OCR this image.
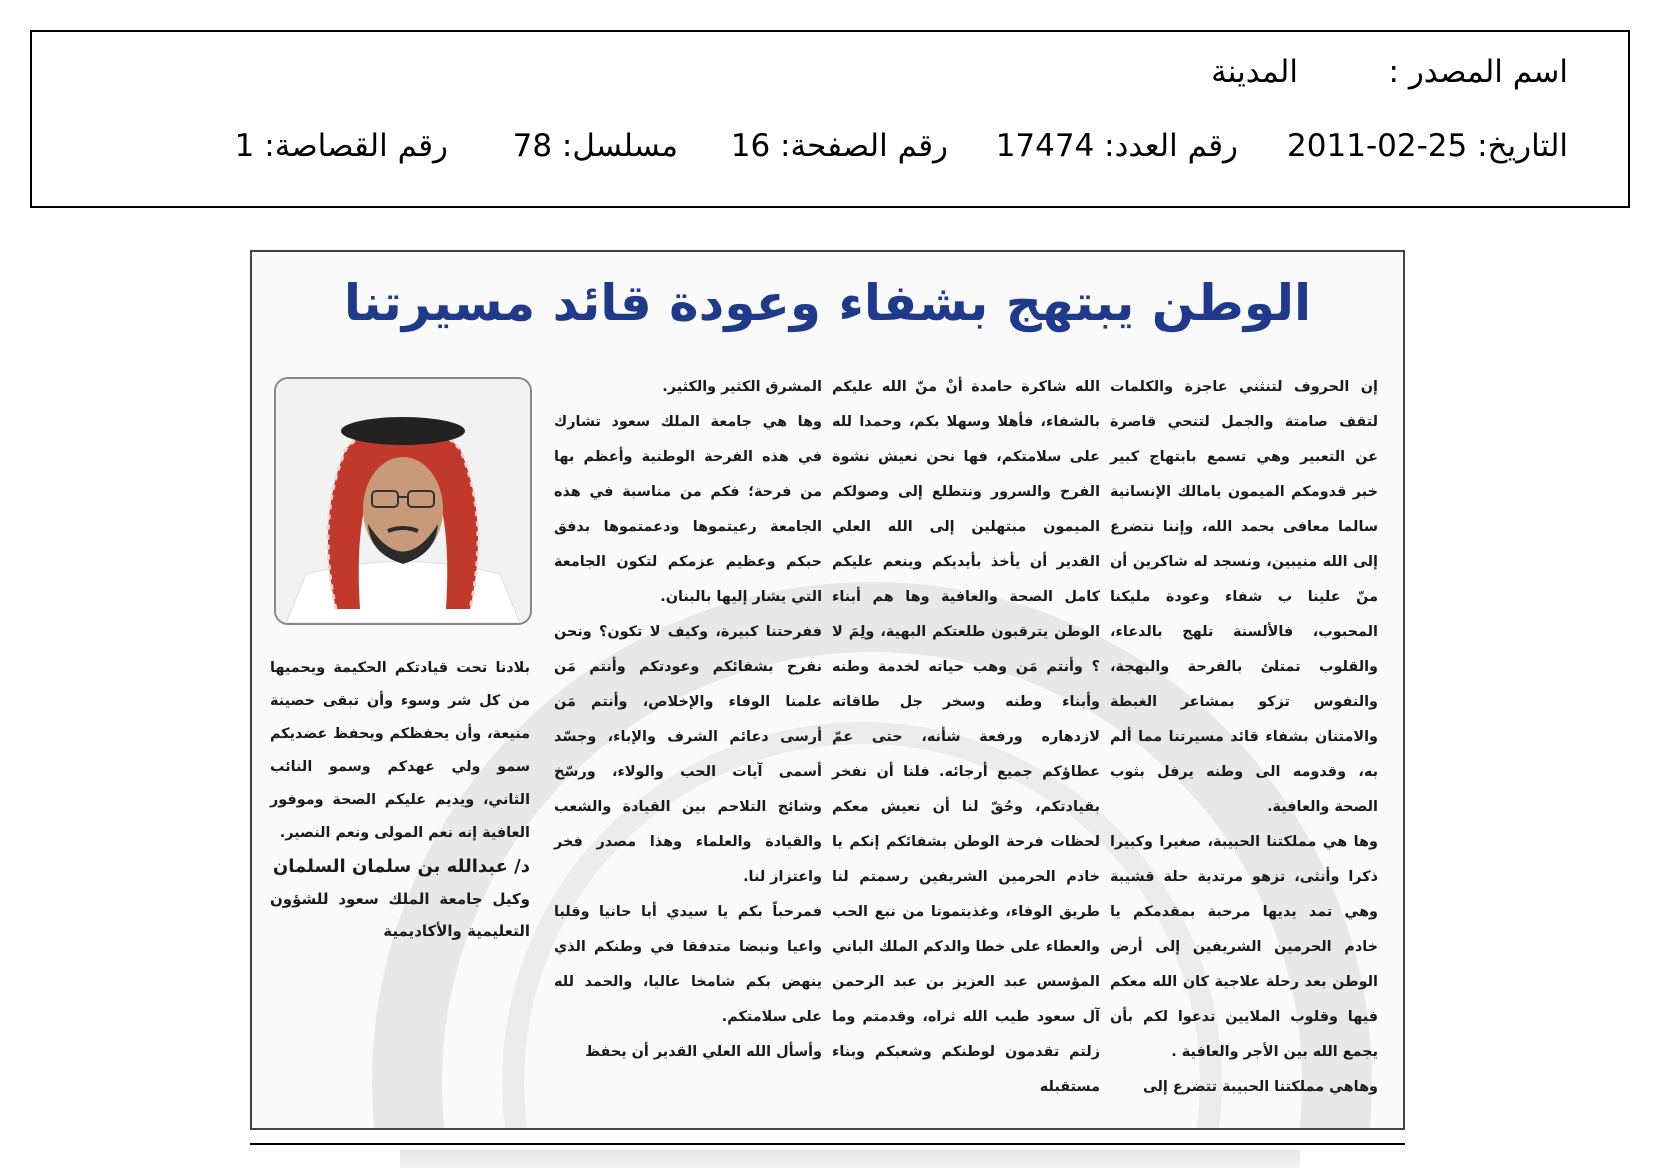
اسم المصدر :
المدينة
التاريخ: 25-02-2011
رقم العدد: 17474
رقم الصفحة: 16
مسلسل: 78
رقم القصاصة: 1
الوطن يبتهج بشفاء وعودة قائد مسيرتنا

إن الحروف لتنثني عاجزة والكلمات لتقف صامتة والجمل لتنحي قاصرة عن التعبير وهي تسمع بابتهاج كبير خبر قدومكم الميمون يامالك الإنسانية سالما معافى بحمد الله، وإننا نتضرع إلى الله منيبين، ونسجد له شاكرين أن منّ علينا ب شفاء وعودة مليكنا المحبوب، فالألسنة تلهج بالدعاء، والقلوب تمتلئ بالفرحة والبهجة، والنفوس تزكو بمشاعر الغبطة والامتنان بشفاء قائد مسيرتنا مما ألم به، وقدومه الى وطنه يرفل بثوب الصحة والعافية.

وها هي مملكتنا الحبيبة، صغيرا وكبيرا ذكرا وأنثى، تزهو مرتدية حلة قشيبة وهي تمد يديها مرحبة بمقدمكم يا خادم الحرمين الشريفين إلى أرض الوطن بعد رحلة علاجية كان الله معكم فيها وقلوب الملايين تدعوا لكم بأن يجمع الله بين الأجر والعافية .

وهاهي مملكتنا الحبيبة تتضرع إلى

الله شاكرة حامدة أنْ منّ الله عليكم بالشفاء، فأهلا وسهلا بكم، وحمدا لله على سلامتكم، فها نحن نعيش نشوة الفرح والسرور ونتطلع إلى وصولكم الميمون مبتهلين إلى الله العلي القدير أن يأخذ بأيديكم وينعم عليكم كامل الصحة والعافية وها هم أبناء الوطن يترقبون طلعتكم البهية، ولِمَ لا ؟ وأنتم مَن وهب حياته لخدمة وطنه وأبناء وطنه وسخر جل طاقاته لازدهاره ورفعة شأنه، حتى عمّ عطاؤكم جميع أرجائه. فلنا أن نفخر بقيادتكم، وحُقّ لنا أن نعيش معكم لحظات فرحة الوطن بشفائكم إنكم يا خادم الحرمين الشريفين رسمتم لنا طريق الوفاء، وغذيتمونا من نبع الحب والعطاء على خطا والدكم الملك الباني المؤسس عبد العزيز بن عبد الرحمن آل سعود طيب الله ثراه، وقدمتم وما زلتم تقدمون لوطنكم وشعبكم وبناء مستقبله

المشرق الكثير والكثير.

وها هي جامعة الملك سعود تشارك في هذه الفرحة الوطنية وأعظم بها من فرحة؛ فكم من مناسبة في هذه الجامعة رعيتموها ودعمتموها بدفق حبكم وعظيم عزمكم لتكون الجامعة التي يشار إليها بالبنان.

ففرحتنا كبيرة، وكيف لا تكون؟ ونحن نفرح بشفائكم وعودتكم وأنتم مَن علمنا الوفاء والإخلاص، وأنتم مَن أرسى دعائم الشرف والإباء، وجسّد أسمى آيات الحب والولاء، ورسّخ وشائج التلاحم بين القيادة والشعب والقيادة والعلماء وهذا مصدر فخر واعتزاز لنا.

فمرحباً بكم يا سيدي أبا حانيا وقلبا واعيا ونبضا متدفقا في وطنكم الذي ينهض بكم شامخا عاليا، والحمد لله على سلامتكم.

وأسأل الله العلي القدير أن يحفظ

بلادنا تحت قيادتكم الحكيمة ويحميها من كل شر وسوء وأن تبقى حصينة منيعة، وأن يحفظكم ويحفظ عضديكم سمو ولي عهدكم وسمو النائب الثاني، ويديم عليكم الصحة وموفور العافية إنه نعم المولى ونعم النصير.

د/ عبدالله بن سلمان السلمان

وكيل جامعة الملك سعود للشؤون التعليمية والأكاديمية
